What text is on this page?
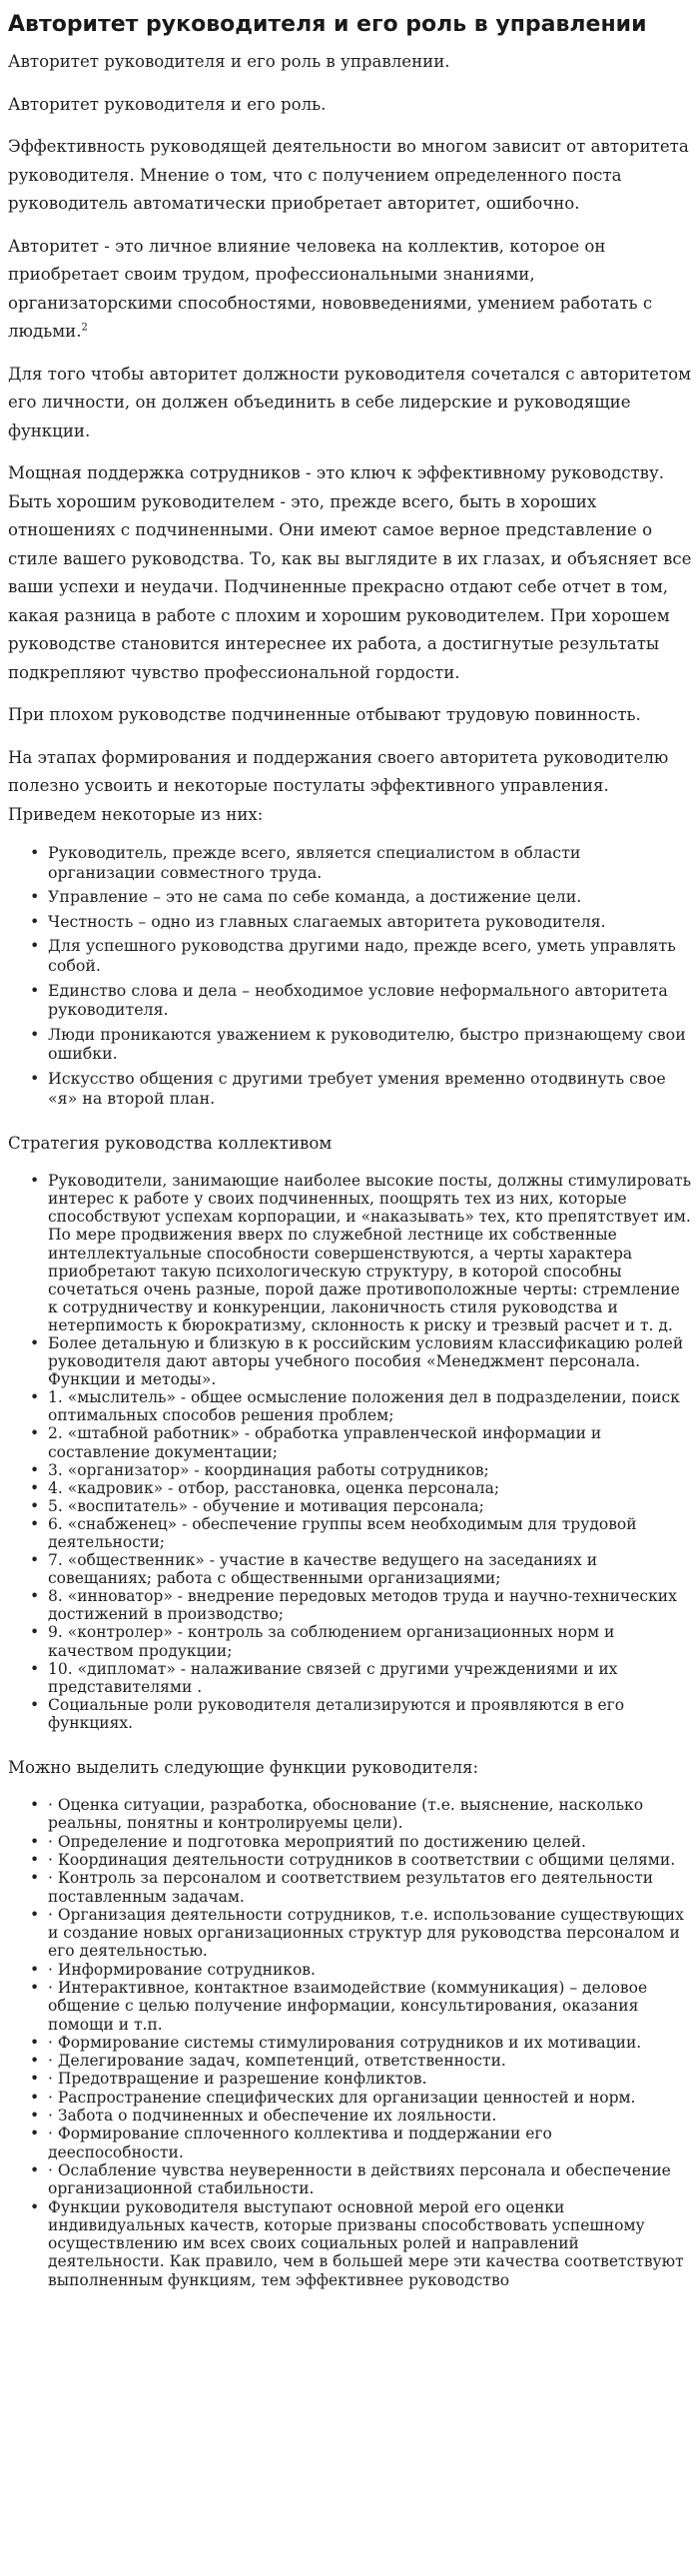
Авторитет руководителя и его роль в управлении

Авторитет руководителя и его роль в управлении.

Авторитет руководителя и его роль.

Эффективность руководящей деятельности во многом зависит от авторитета руководителя. Мнение о том, что с получением определенного поста руководитель автоматически приобретает авторитет, ошибочно.

Авторитет - это личное влияние человека на коллектив, которое он приобретает своим трудом, профессиональными знаниями, организаторскими способностями, нововведениями, умением работать с людьми.$^2$

Для того чтобы авторитет должности руководителя сочетался с авторитетом его личности, он должен объединить в себе лидерские и руководящие функции.

Мощная поддержка сотрудников - это ключ к эффективному руководству. Быть хорошим руководителем - это, прежде всего, быть в хороших отношениях с подчиненными. Они имеют самое верное представление о стиле вашего руководства. То, как вы выглядите в их глазах, и объясняет все ваши успехи и неудачи. Подчиненные прекрасно отдают себе отчет в том, какая разница в работе с плохим и хорошим руководителем. При хорошем руководстве становится интереснее их работа, а достигнутые результаты подкрепляют чувство профессиональной гордости.

При плохом руководстве подчиненные отбывают трудовую повинность.

На этапах формирования и поддержания своего авторитета руководителю полезно усвоить и некоторые постулаты эффективного управления. Приведем некоторые из них:

• Руководитель, прежде всего, является специалистом в области организации совместного труда.
• Управление – это не сама по себе команда, а достижение цели.
• Честность – одно из главных слагаемых авторитета руководителя.
• Для успешного руководства другими надо, прежде всего, уметь управлять собой.
• Единство слова и дела – необходимое условие неформального авторитета руководителя.
• Люди проникаются уважением к руководителю, быстро признающему свои ошибки.
• Искусство общения с другими требует умения временно отодвинуть свое «я» на второй план.
Стратегия руководства коллективом
• Руководители, занимающие наиболее высокие посты, должны стимулировать интерес к работе у своих подчиненных, поощрять тех из них, которые способствуют успехам корпорации, и «наказывать» тех, кто препятствует им. По мере продвижения вверх по служебной лестнице их собственные интеллектуальные способности совершенствуются, а черты характера приобретают такую психологическую структуру, в которой способны сочетаться очень разные, порой даже противоположные черты: стремление к сотрудничеству и конкуренции, лаконичность стиля руководства и нетерпимость к бюрократизму, склонность к риску и трезвый расчет и т. д.
• Более детальную и близкую в к российским условиям классификацию ролей руководителя дают авторы учебного пособия «Менеджмент персонала. Функции и методы».
• 1. «мыслитель» - общее осмысление положения дел в подразделении, поиск оптимальных способов решения проблем;
• 2. «штабной работник» - обработка управленческой информации и составление документации;
• 3. «организатор» - координация работы сотрудников;
• 4. «кадровик» - отбор, расстановка, оценка персонала;
• 5. «воспитатель» - обучение и мотивация персонала;
• 6. «снабженец» - обеспечение группы всем необходимым для трудовой деятельности;
• 7. «общественник» - участие в качестве ведущего на заседаниях и совещаниях; работа с общественными организациями;
• 8. «инноватор» - внедрение передовых методов труда и научно-технических достижений в производство;
• 9. «контролер» - контроль за соблюдением организационных норм и качеством продукции;
• 10. «дипломат» - налаживание связей с другими учреждениями и их представителями .
• Социальные роли руководителя детализируются и проявляются в его функциях.
Можно выделить следующие функции руководителя:
• · Оценка ситуации, разработка, обоснование (т.е. выяснение, насколько реальны, понятны и контролируемы цели).
• · Определение и подготовка мероприятий по достижению целей.
• · Координация деятельности сотрудников в соответствии с общими целями.
• · Контроль за персоналом и соответствием результатов его деятельности поставленным задачам.
• · Организация деятельности сотрудников, т.е. использование существующих и создание новых организационных структур для руководства персоналом и его деятельностью.
• · Информирование сотрудников.
• · Интерактивное, контактное взаимодействие (коммуникация) – деловое общение с целью получение информации, консультирования, оказания помощи и т.п.
• · Формирование системы стимулирования сотрудников и их мотивации.
• · Делегирование задач, компетенций, ответственности.
• · Предотвращение и разрешение конфликтов.
• · Распространение специфических для организации ценностей и норм.
• · Забота о подчиненных и обеспечение их лояльности.
• · Формирование сплоченного коллектива и поддержании его дееспособности.
• · Ослабление чувства неуверенности в действиях персонала и обеспечение организационной стабильности.
• Функции руководителя выступают основной мерой его оценки индивидуальных качеств, которые призваны способствовать успешному осуществлению им всех своих социальных ролей и направлений деятельности. Как правило, чем в большей мере эти качества соответствуют выполненным функциям, тем эффективнее руководство
